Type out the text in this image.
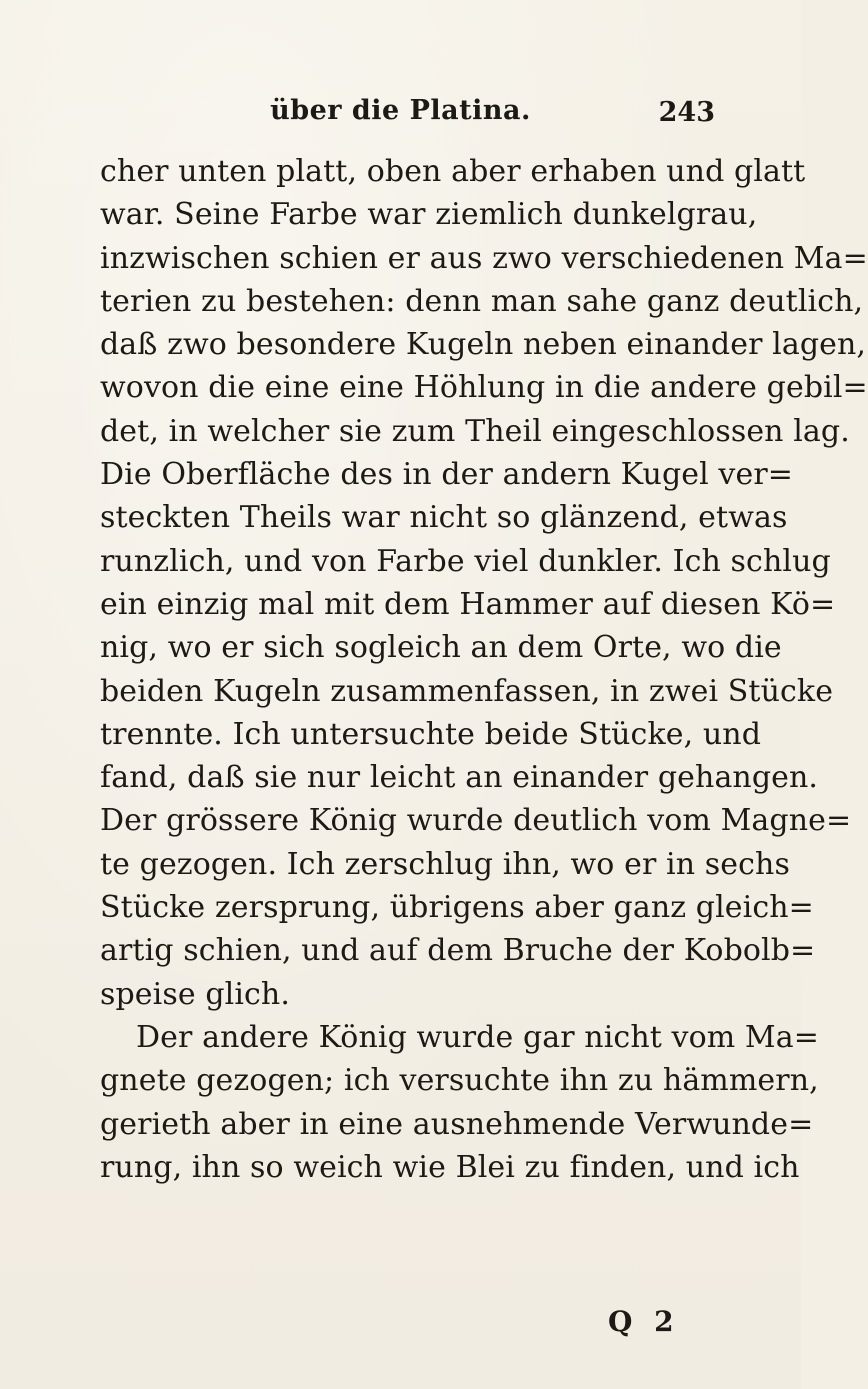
über die Platina.	243
cher unten platt, oben aber erhaben und glatt
war. Seine Farbe war ziemlich dunkelgrau,
inzwischen schien er aus zwo verschiedenen Ma=
terien zu bestehen: denn man sahe ganz deutlich,
daß zwo besondere Kugeln neben einander lagen,
wovon die eine eine Höhlung in die andere gebil=
det, in welcher sie zum Theil eingeschlossen lag.
Die Oberfläche des in der andern Kugel ver=
steckten Theils war nicht so glänzend, etwas
runzlich, und von Farbe viel dunkler. Ich schlug
ein einzig mal mit dem Hammer auf diesen Kö=
nig, wo er sich sogleich an dem Orte, wo die
beiden Kugeln zusammenfassen, in zwei Stücke
trennte. Ich untersuchte beide Stücke, und
fand, daß sie nur leicht an einander gehangen.
Der grössere König wurde deutlich vom Magne=
te gezogen. Ich zerschlug ihn, wo er in sechs
Stücke zersprung, übrigens aber ganz gleich=
artig schien, und auf dem Bruche der Kobolb=
speise glich.
Der andere König wurde gar nicht vom Ma=
gnete gezogen; ich versuchte ihn zu hämmern,
gerieth aber in eine ausnehmende Verwunde=
rung, ihn so weich wie Blei zu finden, und ich
Q 2
